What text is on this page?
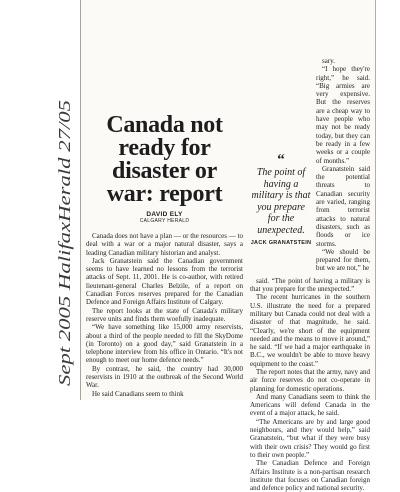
Sept 2005 HalifaxHerald 27/05
Canada not
ready for
disaster or
war: report
DAVID ELY
CALGARY HERALD

Canada does not have a plan — or the resources — to deal with a war or a major natural disaster, says a leading Canadian military historian and analyst.

Jack Granatstein said the Canadian government seems to have learned no lessons from the terrorist attacks of Sept. 11, 2001. He is co-author, with retired lieutenant-general Charles Belzile, of a report on Canadian Forces reserves prepared for the Canadian Defence and Foreign Affairs Institute of Calgary.

The report looks at the state of Canada's military reserve units and finds them woefully inadequate.

“We have something like 15,000 army reservists, about a third of the people needed to fill the SkyDome (in Toronto) on a good day,” said Granatstein in a telephone interview from his office in Ontario. “It's not enough to meet our home defence needs.”

By contrast, he said, the country had 30,000 reservists in 1910 at the outbreak of the Second World War.

He said Canadians seem to think

sary.

“I hope they're right,” he said. “Big armies are very expensive. But the reserves are a cheap way to have people who may not be ready today, but they can be ready in a few weeks or a couple of months.”

Granatstein said the potential threats to Canadian security are varied, ranging from terrorist attacks to natural disasters, such as floods or ice storms.

“We should be prepared for them, but we are not,” he

“
The point of having a military is that you prepare for the unexpected.
JACK GRANATSTEIN

said. “The point of having a military is that you prepare for the unexpected.”

The recent hurricanes in the southern U.S. illustrate the need for a prepared military but Canada could not deal with a disaster of that magnitude, he said. “Clearly, we're short of the equipment needed and the means to move it around,” he said. “If we had a major earthquake in B.C., we wouldn't be able to move heavy equipment to the coast.”

The report notes that the army, navy and air force reserves do not co-operate in planning for domestic operations.

And many Canadians seem to think the Americans will defend Canada in the event of a major attack, he said.

“The Americans are by and large good neighbours, and they would help,” said Granatstein, “but what if they were busy with their own crisis? They would go first to their own people.”

The Canadian Defence and Foreign Affairs Institute is a non-partisan research institute that focuses on Canadian foreign and defence policy and national security.
